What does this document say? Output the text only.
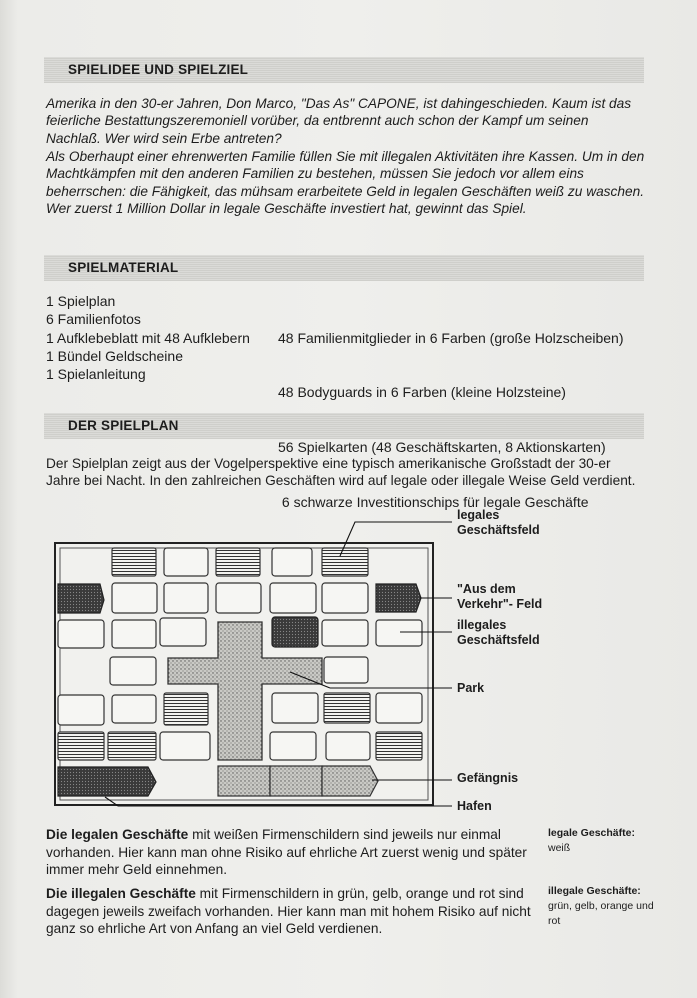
SPIELIDEE UND SPIELZIEL

Amerika in den 30-er Jahren, Don Marco, "Das As" CAPONE, ist dahingeschieden. Kaum ist das feierliche Bestattungszeremoniell vorüber, da entbrennt auch schon der Kampf um seinen Nachlaß. Wer wird sein Erbe antreten?

Als Oberhaupt einer ehrenwerten Familie füllen Sie mit illegalen Aktivitäten ihre Kassen. Um in den Machtkämpfen mit den anderen Familien zu bestehen, müssen Sie jedoch vor allem eins beherrschen: die Fähigkeit, das mühsam erarbeitete Geld in legalen Geschäften weiß zu waschen. Wer zuerst 1 Million Dollar in legale Geschäfte investiert hat, gewinnt das Spiel.

SPIELMATERIAL
1 Spielplan
6 Familienfotos
1 Aufklebeblatt mit 48 Aufklebern
1 Bündel Geldscheine
1 Spielanleitung

48 Familienmitglieder in 6 Farben (große Holzscheiben)

48 Bodyguards in 6 Farben (kleine Holzsteine)

56 Spielkarten (48 Geschäftskarten, 8 Aktionskarten)

6 schwarze Investitionschips für legale Geschäfte

DER SPIELPLAN

Der Spielplan zeigt aus der Vogelperspektive eine typisch amerikanische Großstadt der 30-er Jahre bei Nacht. In den zahlreichen Geschäften wird auf legale oder illegale Weise Geld verdient.

legales
Geschäftsfeld
"Aus dem
Verkehr"- Feld
illegales
Geschäftsfeld
Park
Gefängnis
Hafen

Die legalen Geschäfte mit weißen Firmenschildern sind jeweils nur einmal vorhanden. Hier kann man ohne Risiko auf ehrliche Art zuerst wenig und später immer mehr Geld einnehmen.

legale Geschäfte:
weiß

Die illegalen Geschäfte mit Firmenschildern in grün, gelb, orange und rot sind dagegen jeweils zweifach vorhanden. Hier kann man mit hohem Risiko auf nicht ganz so ehrliche Art von Anfang an viel Geld verdienen.

illegale Geschäfte:
grün, gelb, orange und rot
